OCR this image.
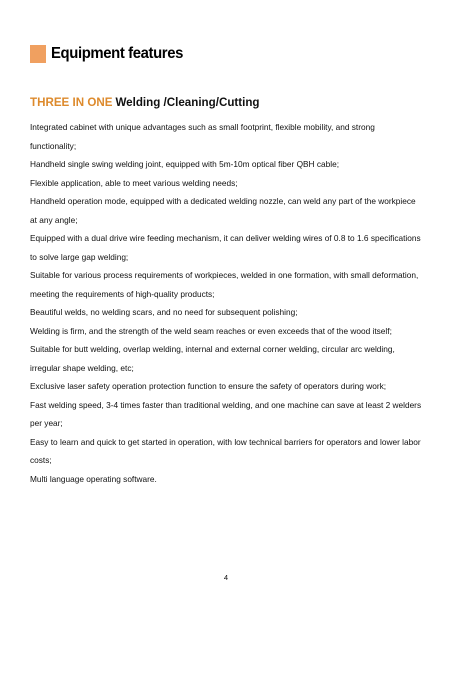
Equipment features
THREE IN ONE Welding /Cleaning/Cutting
Integrated cabinet with unique advantages such as small footprint, flexible mobility, and strong
functionality;
Handheld single swing welding joint, equipped with 5m-10m optical fiber QBH cable;
Flexible application, able to meet various welding needs;
Handheld operation mode, equipped with a dedicated welding nozzle, can weld any part of the workpiece
at any angle;
Equipped with a dual drive wire feeding mechanism, it can deliver welding wires of 0.8 to 1.6 specifications
to solve large gap welding;
Suitable for various process requirements of workpieces, welded in one formation, with small deformation,
meeting the requirements of high-quality products;
Beautiful welds, no welding scars, and no need for subsequent polishing;
Welding is firm, and the strength of the weld seam reaches or even exceeds that of the wood itself;
Suitable for butt welding, overlap welding, internal and external corner welding, circular arc welding,
irregular shape welding, etc;
Exclusive laser safety operation protection function to ensure the safety of operators during work;
Fast welding speed, 3-4 times faster than traditional welding, and one machine can save at least 2 welders
per year;
Easy to learn and quick to get started in operation, with low technical barriers for operators and lower labor
costs;
Multi language operating software.
4
